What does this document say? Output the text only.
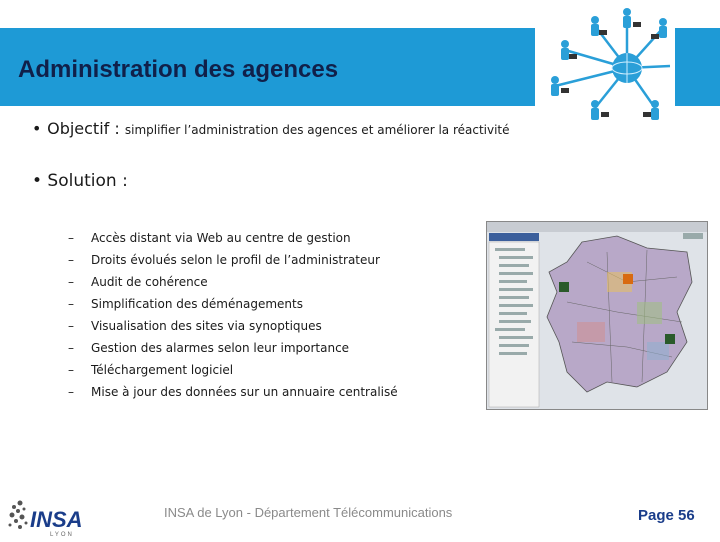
Administration des agences
• Objectif : simplifier l’administration des agences et améliorer la réactivité
• Solution :
– Accès distant via Web au centre de gestion
– Droits évolués selon le profil de l’administrateur
– Audit de cohérence
– Simplification des déménagements
– Visualisation des sites via synoptiques
– Gestion des alarmes selon leur importance
– Téléchargement logiciel
– Mise à jour des données sur un annuaire centralisé
INSA de Lyon - Département Télécommunications	Page 56
INSA
LYON
